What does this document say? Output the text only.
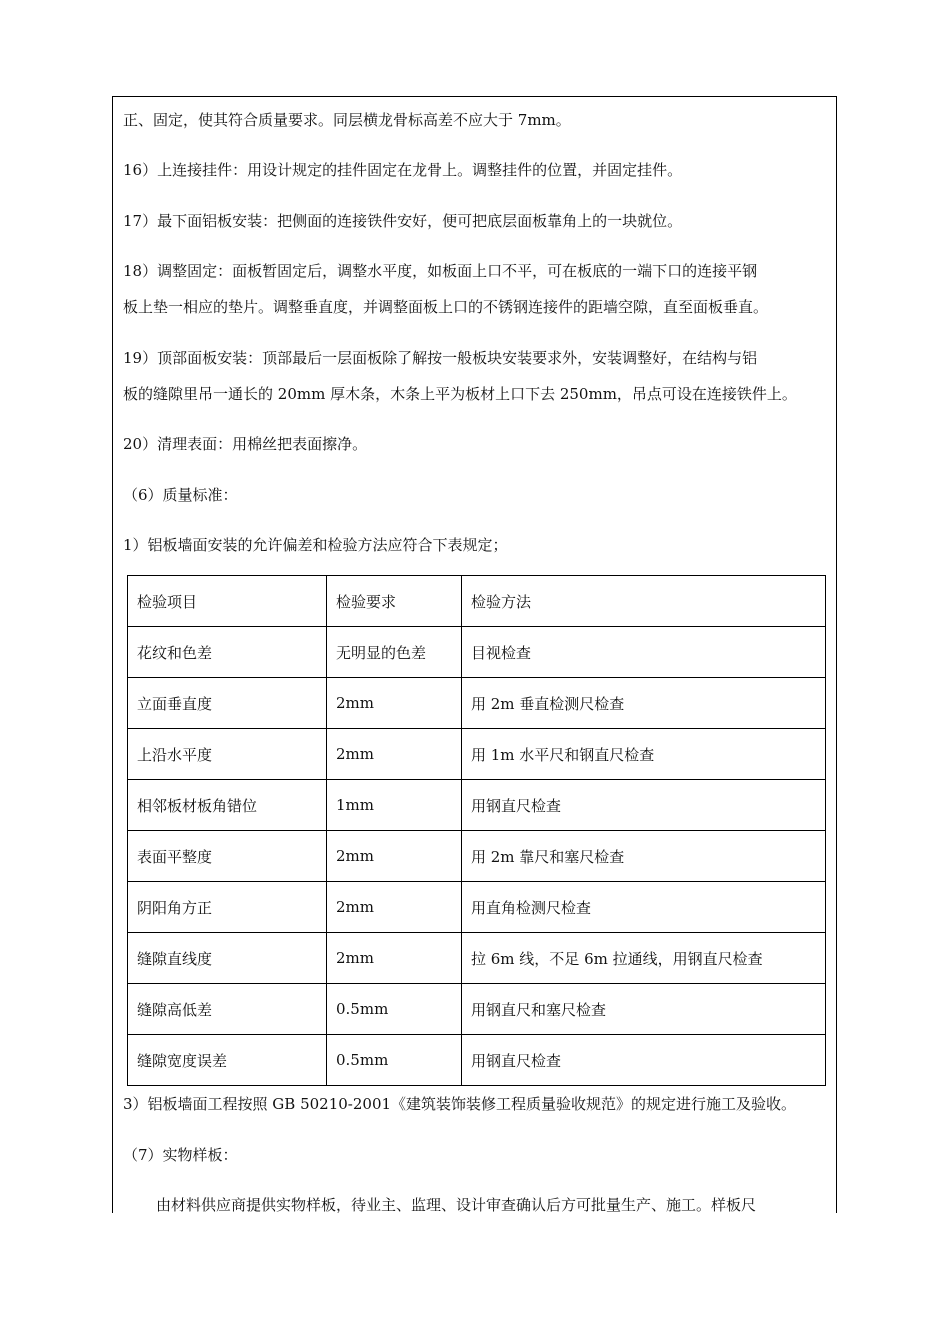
正、固定，使其符合质量要求。同层横龙骨标高差不应大于 7mm。
16）上连接挂件：用设计规定的挂件固定在龙骨上。调整挂件的位置，并固定挂件。
17）最下面铝板安装：把侧面的连接铁件安好，便可把底层面板靠角上的一块就位。
18）调整固定：面板暂固定后，调整水平度，如板面上口不平，可在板底的一端下口的连接平钢
板上垫一相应的垫片。调整垂直度，并调整面板上口的不锈钢连接件的距墙空隙，直至面板垂直。
19）顶部面板安装：顶部最后一层面板除了解按一般板块安装要求外，安装调整好，在结构与铝
板的缝隙里吊一通长的 20mm 厚木条，木条上平为板材上口下去 250mm，吊点可设在连接铁件上。
20）清理表面：用棉丝把表面擦净。
（6）质量标准：
1）铝板墙面安装的允许偏差和检验方法应符合下表规定；
检验项目	检验要求	检验方法
花纹和色差	无明显的色差	目视检查
立面垂直度	2mm	用 2m 垂直检测尺检查
上沿水平度	2mm	用 1m 水平尺和钢直尺检查
相邻板材板角错位	1mm	用钢直尺检查
表面平整度	2mm	用 2m 靠尺和塞尺检查
阴阳角方正	2mm	用直角检测尺检查
缝隙直线度	2mm	拉 6m 线，不足 6m 拉通线，用钢直尺检查
缝隙高低差	0.5mm	用钢直尺和塞尺检查
缝隙宽度误差	0.5mm	用钢直尺检查
3）铝板墙面工程按照 GB 50210-2001《建筑装饰装修工程质量验收规范》的规定进行施工及验收。
（7）实物样板：
由材料供应商提供实物样板，待业主、监理、设计审查确认后方可批量生产、施工。样板尺
